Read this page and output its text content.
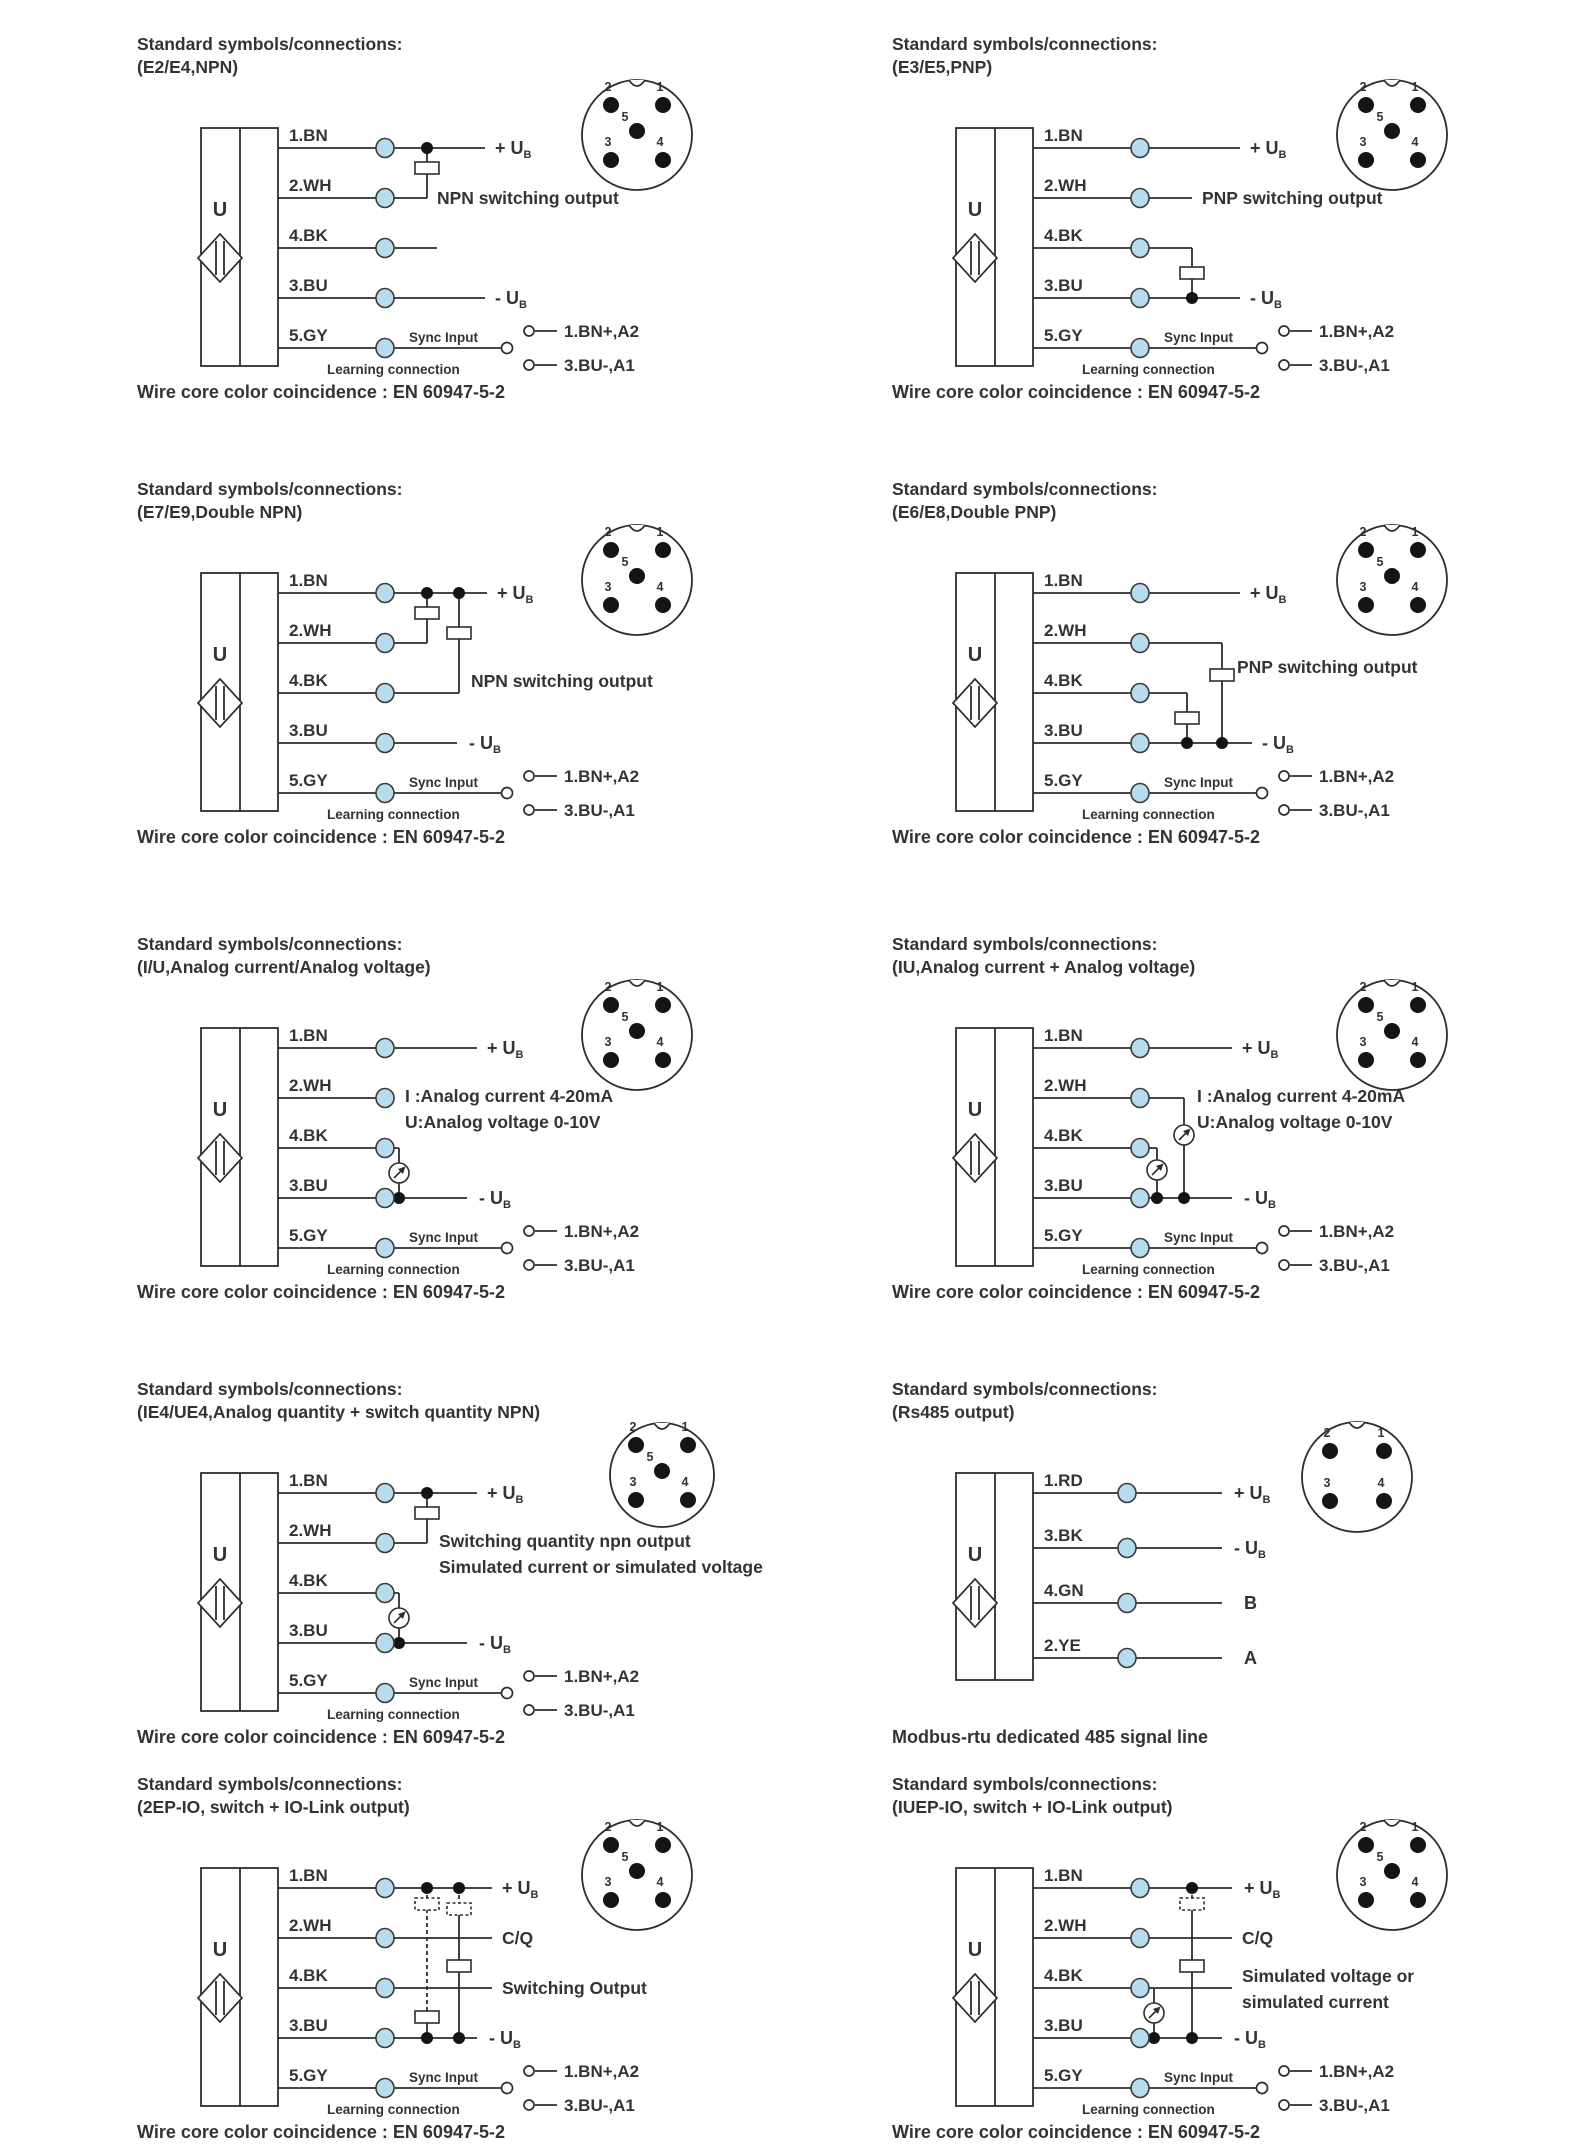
Standard symbols/connections:
(E2/E4,NPN)
1.BN
2.WH
4.BK
3.BU
5.GY
+ $U_B$
- $U_B$
NPN switching output
Sync Input
Learning connection
1.BN+,A2
3.BU-,A1
U
2	1
5
3	4
Wire core color coincidence : EN 60947-5-2
Standard symbols/connections:
(E3/E5,PNP)
1.BN
2.WH
4.BK
3.BU
5.GY
+ $U_B$
- $U_B$
PNP switching output
Sync Input
Learning connection
1.BN+,A2
3.BU-,A1
U
2	1
5
3	4
Wire core color coincidence : EN 60947-5-2
Standard symbols/connections:
(E7/E9,Double NPN)
1.BN
2.WH
4.BK
3.BU
5.GY
+ $U_B$
- $U_B$
NPN switching output
Sync Input
Learning connection
1.BN+,A2
3.BU-,A1
U
2	1
5
3	4
Wire core color coincidence : EN 60947-5-2
Standard symbols/connections:
(E6/E8,Double PNP)
1.BN
2.WH
4.BK
3.BU
5.GY
+ $U_B$
- $U_B$
PNP switching output
Sync Input
Learning connection
1.BN+,A2
3.BU-,A1
U
2	1
5
3	4
Wire core color coincidence : EN 60947-5-2
Standard symbols/connections:
(I/U,Analog current/Analog voltage)
1.BN
2.WH
4.BK
3.BU
5.GY
+ $U_B$
- $U_B$
I :Analog current 4-20mA
U:Analog voltage 0-10V
Sync Input
Learning connection
1.BN+,A2
3.BU-,A1
U
2	1
5
3	4
Wire core color coincidence : EN 60947-5-2
Standard symbols/connections:
(IU,Analog current + Analog voltage)
1.BN
2.WH
4.BK
3.BU
5.GY
+ $U_B$
- $U_B$
I :Analog current 4-20mA
U:Analog voltage 0-10V
Sync Input
Learning connection
1.BN+,A2
3.BU-,A1
U
2	1
5
3	4
Wire core color coincidence : EN 60947-5-2
Standard symbols/connections:
(IE4/UE4,Analog quantity + switch quantity NPN)
1.BN
2.WH
4.BK
3.BU
5.GY
+ $U_B$
- $U_B$
Switching quantity npn output
Simulated current or simulated voltage
Sync Input
Learning connection
1.BN+,A2
3.BU-,A1
U
2	1
5
3	4
Wire core color coincidence : EN 60947-5-2
Standard symbols/connections:
(Rs485 output)
1.RD
3.BK
4.GN
2.YE
+ $U_B$
- $U_B$
B
A
U
2	1
3	4
Modbus-rtu dedicated 485 signal line
Standard symbols/connections:
(2EP-IO, switch + IO-Link output)
1.BN
2.WH
4.BK
3.BU
5.GY
+ $U_B$
- $U_B$
C/Q
Switching Output
Sync Input
Learning connection
1.BN+,A2
3.BU-,A1
U
2	1
5
3	4
Wire core color coincidence : EN 60947-5-2
Standard symbols/connections:
(IUEP-IO, switch + IO-Link output)
1.BN
2.WH
4.BK
3.BU
5.GY
+ $U_B$
- $U_B$
C/Q
Simulated voltage or
simulated current
Sync Input
Learning connection
1.BN+,A2
3.BU-,A1
U
2	1
5
3	4
Wire core color coincidence : EN 60947-5-2
